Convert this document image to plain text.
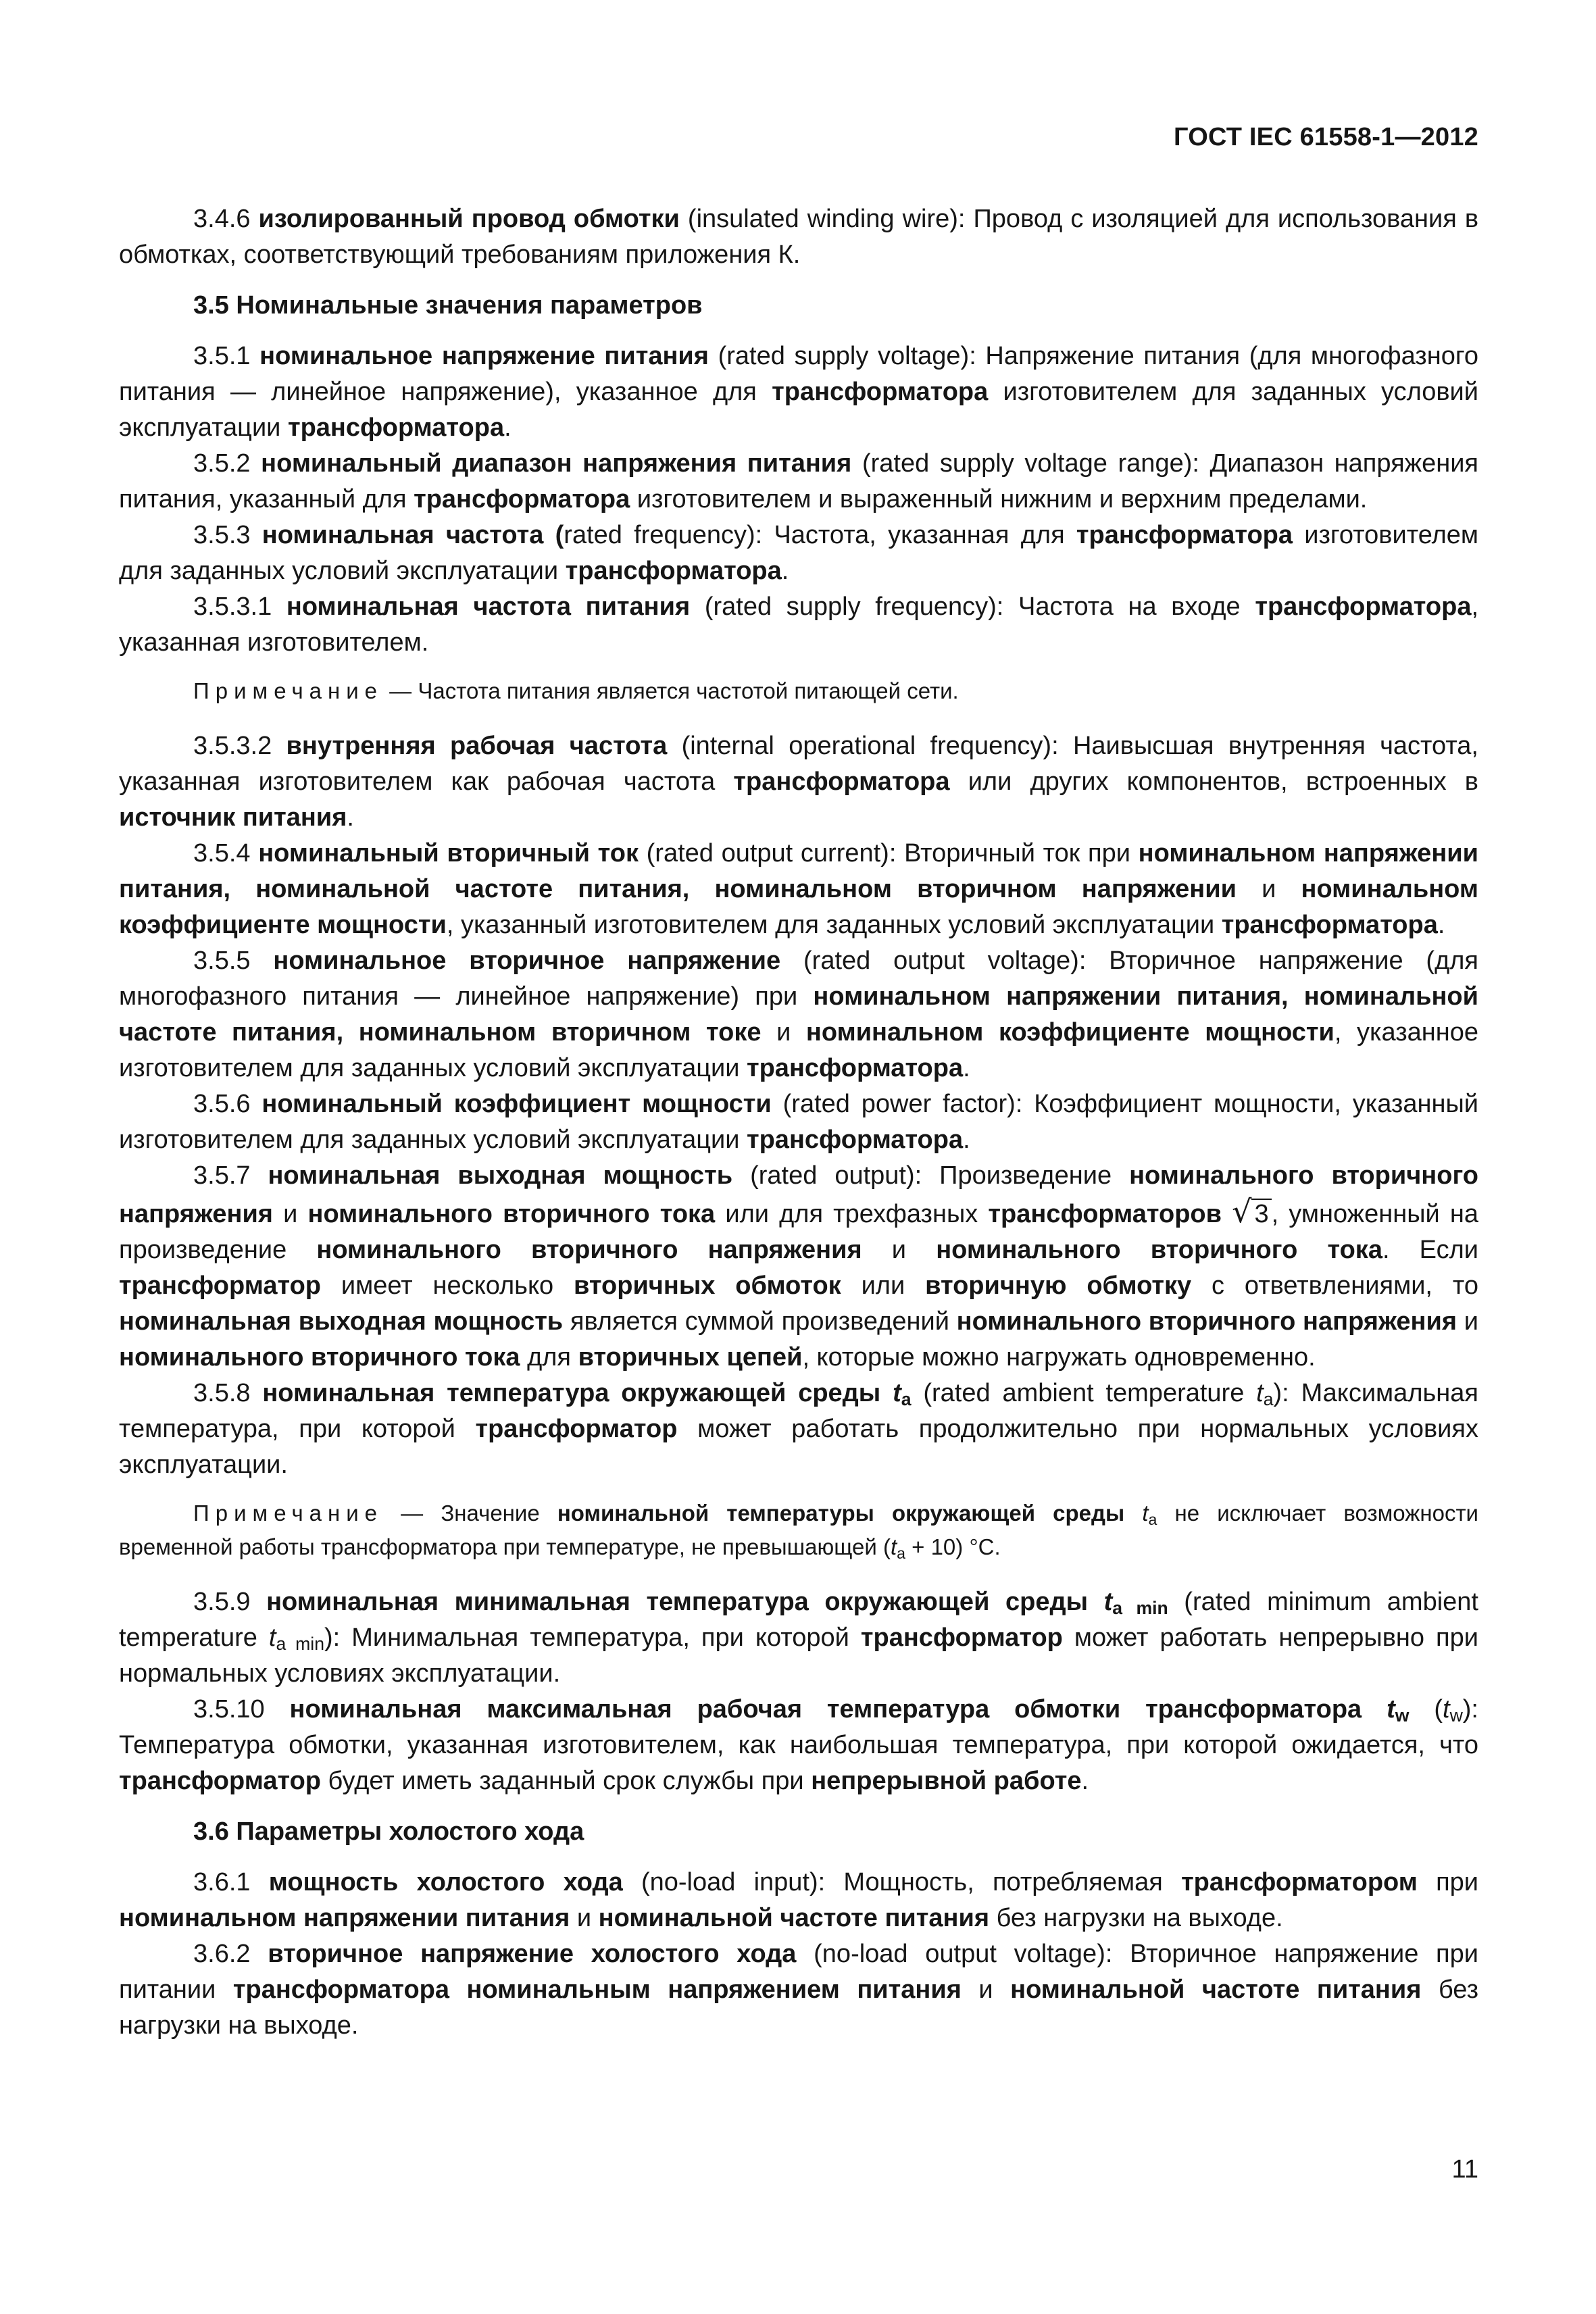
ГОСТ IEC 61558-1—2012

3.4.6 изолированный провод обмотки (insulated winding wire): Провод с изоляцией для использования в обмотках, соответствующий требованиям приложения К.

3.5 Номинальные значения параметров

3.5.1 номинальное напряжение питания (rated supply voltage): Напряжение питания (для многофазного питания — линейное напряжение), указанное для трансформатора изготовителем для заданных условий эксплуатации трансформатора.

3.5.2 номинальный диапазон напряжения питания (rated supply voltage range): Диапазон напряжения питания, указанный для трансформатора изготовителем и выраженный нижним и верхним пределами.

3.5.3 номинальная частота (rated frequency): Частота, указанная для трансформатора изготовителем для заданных условий эксплуатации трансформатора.

3.5.3.1 номинальная частота питания (rated supply frequency): Частота на входе трансформатора, указанная изготовителем.

Примечание — Частота питания является частотой питающей сети.

3.5.3.2 внутренняя рабочая частота (internal operational frequency): Наивысшая внутренняя частота, указанная изготовителем как рабочая частота трансформатора или других компонентов, встроенных в источник питания.

3.5.4 номинальный вторичный ток (rated output current): Вторичный ток при номинальном напряжении питания, номинальной частоте питания, номинальном вторичном напряжении и номинальном коэффициенте мощности, указанный изготовителем для заданных условий эксплуатации трансформатора.

3.5.5 номинальное вторичное напряжение (rated output voltage): Вторичное напряжение (для многофазного питания — линейное напряжение) при номинальном напряжении питания, номинальной частоте питания, номинальном вторичном токе и номинальном коэффициенте мощности, указанное изготовителем для заданных условий эксплуатации трансформатора.

3.5.6 номинальный коэффициент мощности (rated power factor): Коэффициент мощности, указанный изготовителем для заданных условий эксплуатации трансформатора.

3.5.7 номинальная выходная мощность (rated output): Произведение номинального вторичного напряжения и номинального вторичного тока или для трехфазных трансформаторов √ 3 , умноженный на произведение номинального вторичного напряжения и номинального вторичного тока. Если трансформатор имеет несколько вторичных обмоток или вторичную обмотку с ответвлениями, то номинальная выходная мощность является суммой произведений номинального вторичного напряжения и номинального вторичного тока для вторичных цепей, которые можно нагружать одновременно.

3.5.8 номинальная температура окружающей среды $t_a$ (rated ambient temperature $t_a$): Максимальная температура, при которой трансформатор может работать продолжительно при нормальных условиях эксплуатации.

Примечание — Значение номинальной температуры окружающей среды $t_a$ не исключает возможности временной работы трансформатора при температуре, не превышающей $(t_a + 10)$ °C.

3.5.9 номинальная минимальная температура окружающей среды $t_{a min}$ (rated minimum ambient temperature $t_{a min}$): Минимальная температура, при которой трансформатор может работать непрерывно при нормальных условиях эксплуатации.

3.5.10 номинальная максимальная рабочая температура обмотки трансформатора $t_w$ $(t_w)$: Температура обмотки, указанная изготовителем, как наибольшая температура, при которой ожидается, что трансформатор будет иметь заданный срок службы при непрерывной работе.

3.6 Параметры холостого хода

3.6.1 мощность холостого хода (no-load input): Мощность, потребляемая трансформатором при номинальном напряжении питания и номинальной частоте питания без нагрузки на выходе.

3.6.2 вторичное напряжение холостого хода (no-load output voltage): Вторичное напряжение при питании трансформатора номинальным напряжением питания и номинальной частоте питания без нагрузки на выходе.

11
